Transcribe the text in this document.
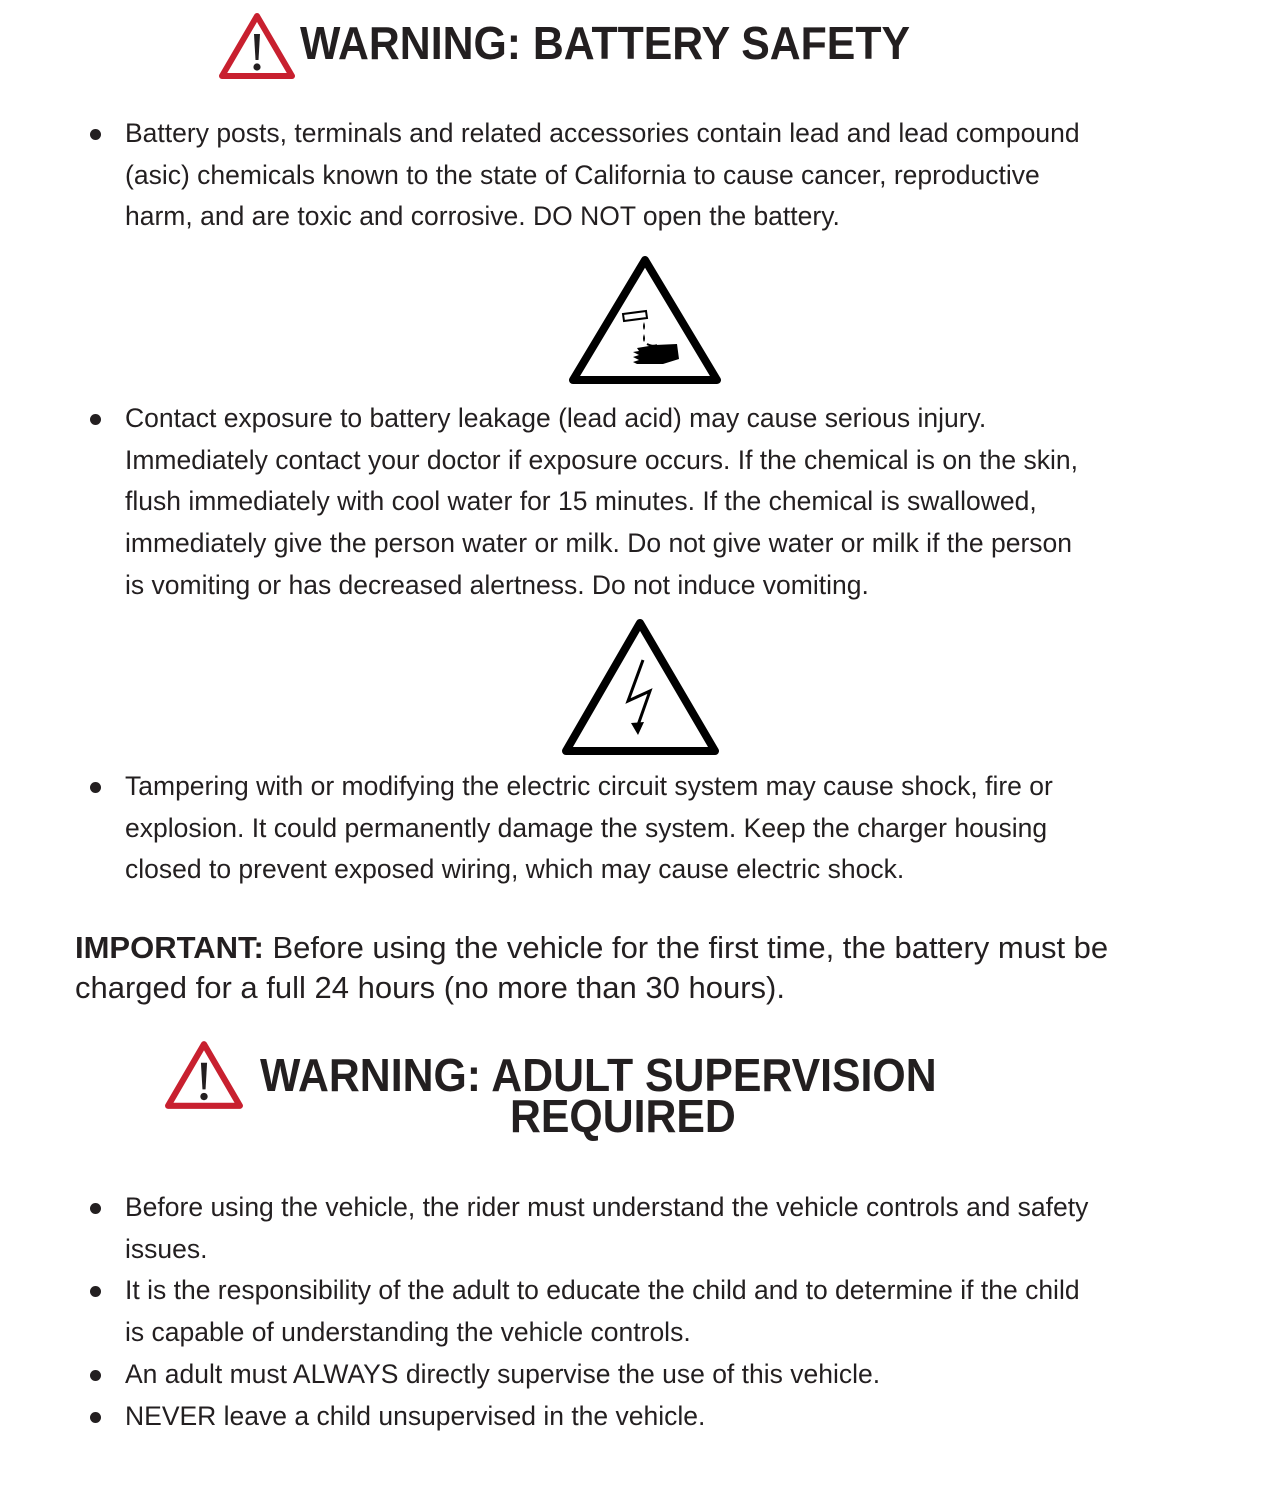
WARNING: BATTERY SAFETY
Battery posts, terminals and related accessories contain lead and lead compound
(asic) chemicals known to the state of California to cause cancer, reproductive
harm, and are toxic and corrosive. DO NOT open the battery.
Contact exposure to battery leakage (lead acid) may cause serious injury.
Immediately contact your doctor if exposure occurs. If the chemical is on the skin,
flush immediately with cool water for 15 minutes. If the chemical is swallowed,
immediately give the person water or milk. Do not give water or milk if the person
is vomiting or has decreased alertness. Do not induce vomiting.
Tampering with or modifying the electric circuit system may cause shock, fire or
explosion. It could permanently damage the system. Keep the charger housing
closed to prevent exposed wiring, which may cause electric shock.
IMPORTANT: Before using the vehicle for the first time, the battery must be
charged for a full 24 hours (no more than 30 hours).
WARNING: ADULT SUPERVISION
REQUIRED
Before using the vehicle, the rider must understand the vehicle controls and safety
issues.
It is the responsibility of the adult to educate the child and to determine if the child
is capable of understanding the vehicle controls.
An adult must ALWAYS directly supervise the use of this vehicle.
NEVER leave a child unsupervised in the vehicle.
